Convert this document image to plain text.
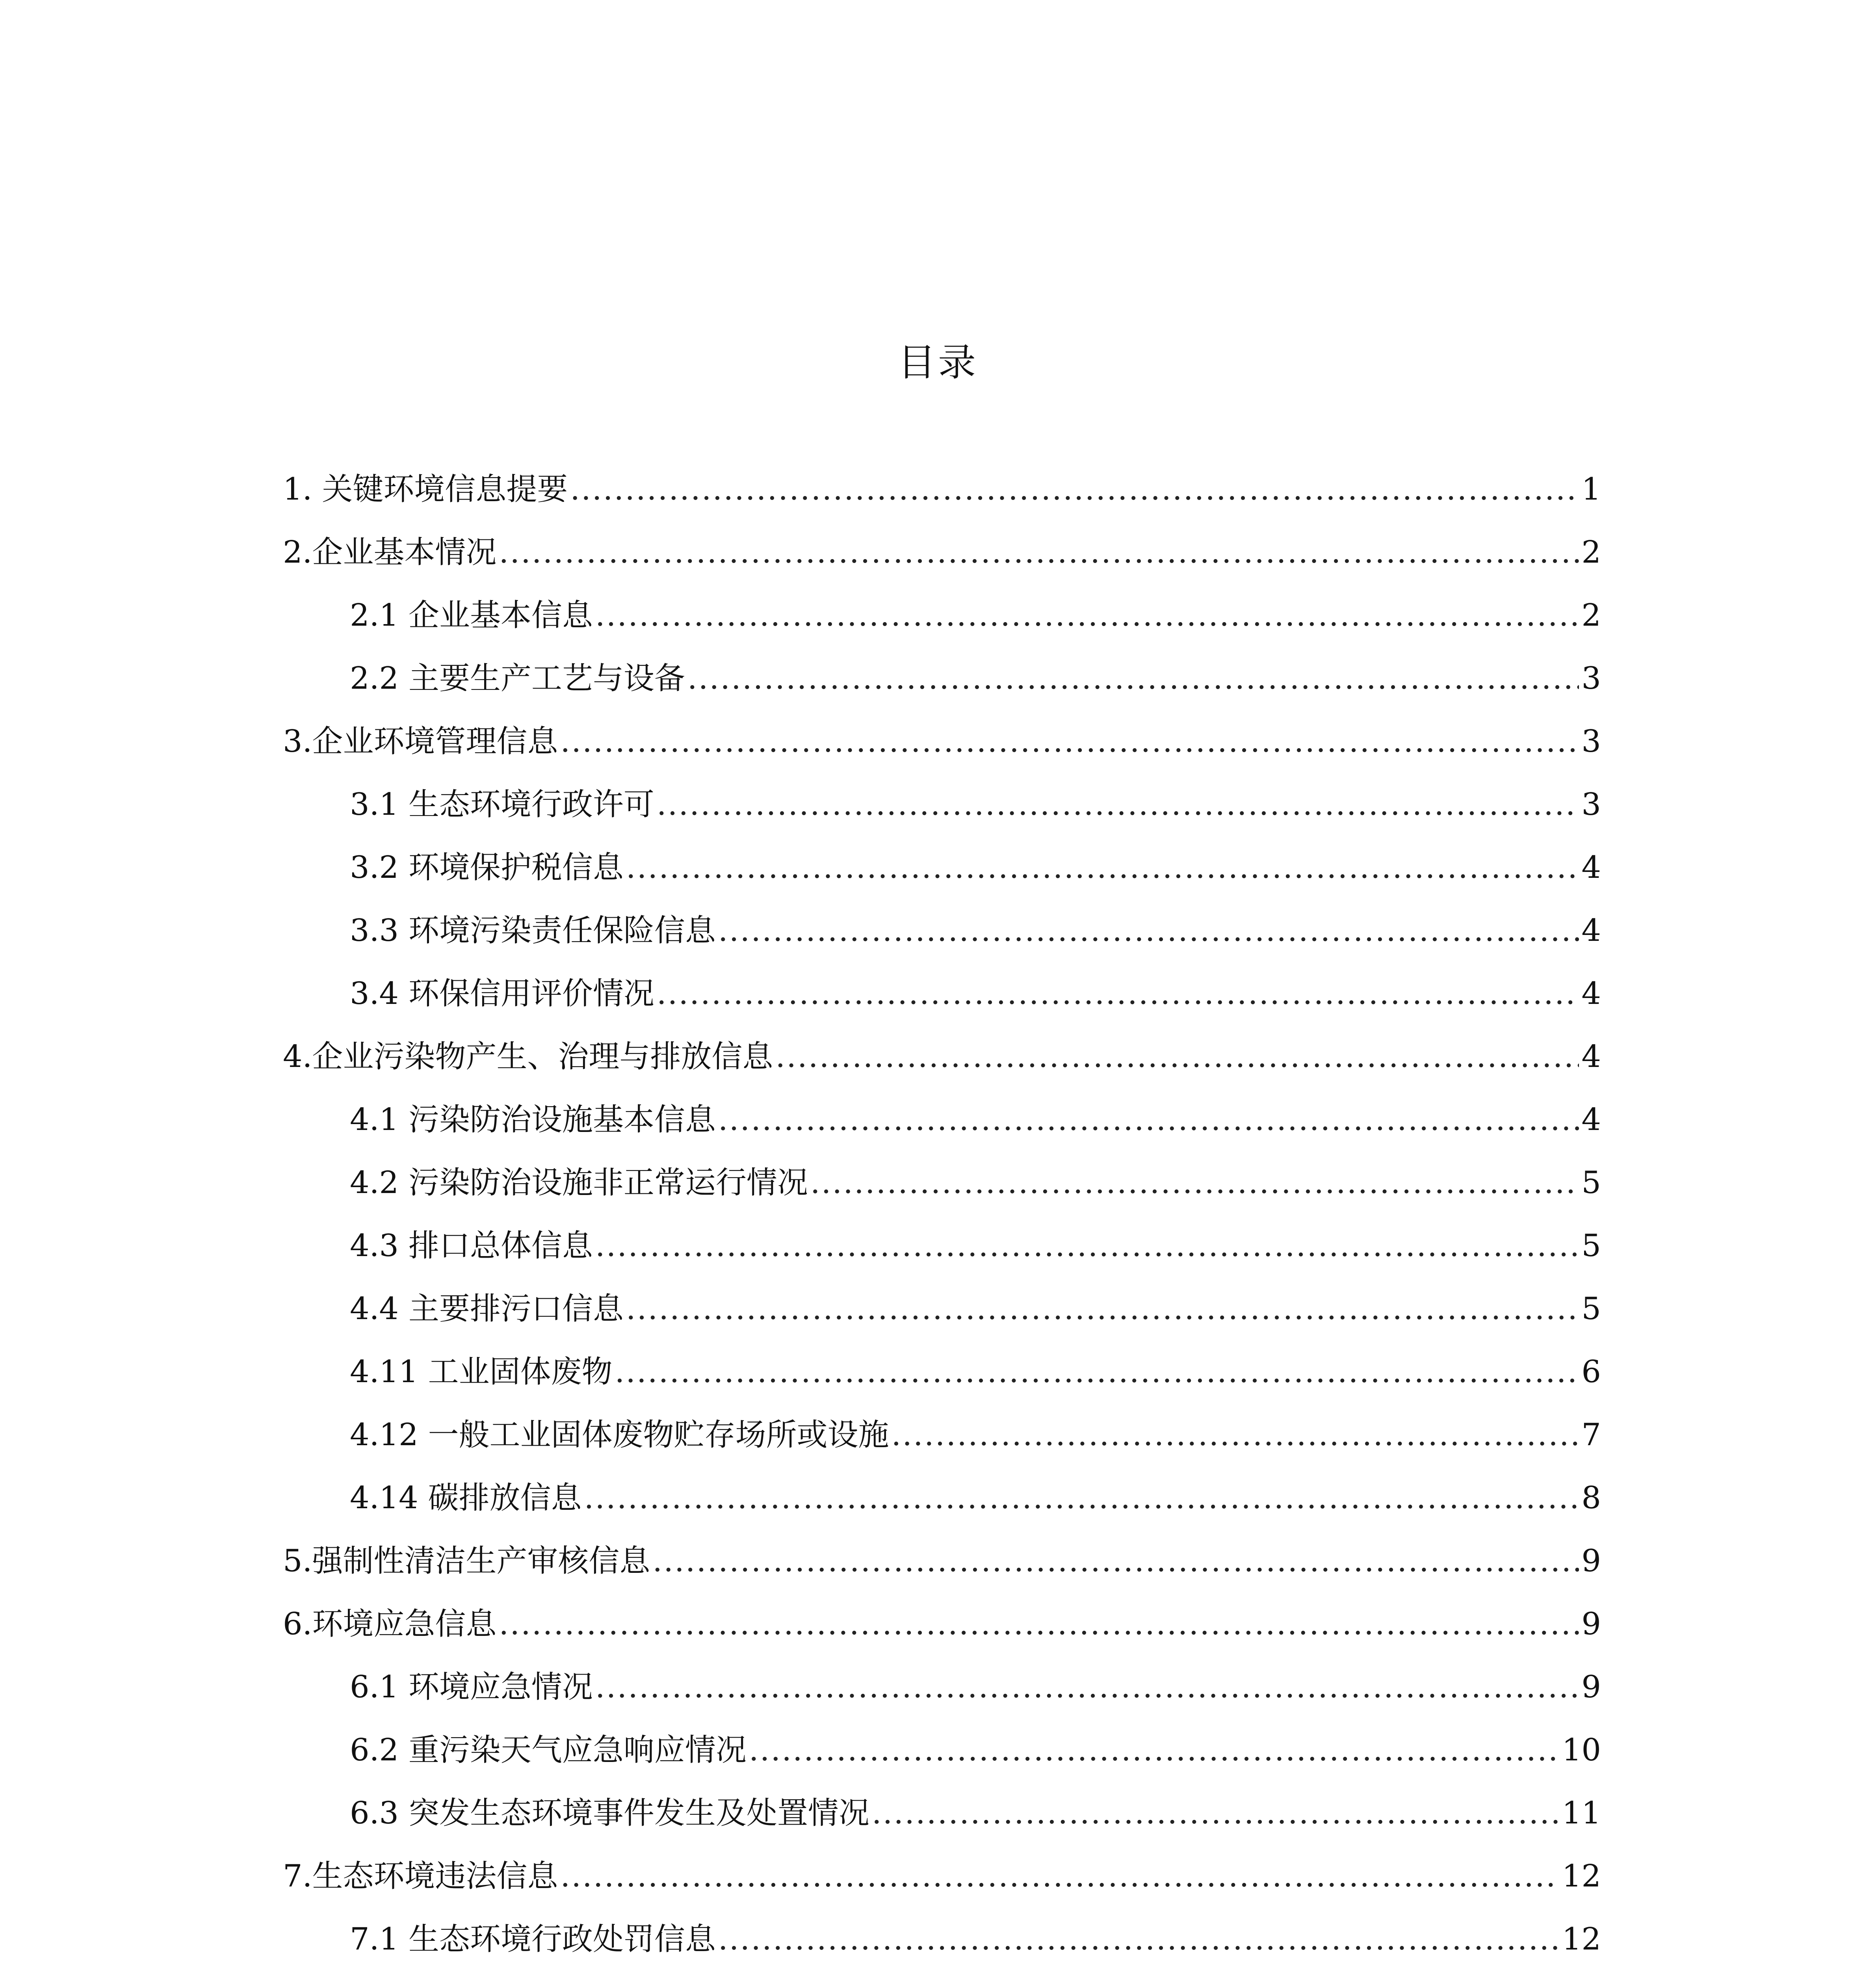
目录
1. 关键环境信息提要 .....	1
2.企业基本情况 .....	2
2.1 企业基本信息 .....	2
2.2 主要生产工艺与设备 .....	3
3.企业环境管理信息 .....	3
3.1 生态环境行政许可 .....	3
3.2 环境保护税信息 .....	4
3.3 环境污染责任保险信息 .....	4
3.4 环保信用评价情况 .....	4
4.企业污染物产生、治理与排放信息 .....	4
4.1 污染防治设施基本信息 .....	4
4.2 污染防治设施非正常运行情况 .....	5
4.3 排口总体信息 .....	5
4.4 主要排污口信息 .....	5
4.11 工业固体废物 .....	6
4.12 一般工业固体废物贮存场所或设施 .....	7
4.14 碳排放信息 .....	8
5.强制性清洁生产审核信息 .....	9
6.环境应急信息 .....	9
6.1 环境应急情况 .....	9
6.2 重污染天气应急响应情况 .....	10
6.3 突发生态环境事件发生及处置情况 .....	11
7.生态环境违法信息 .....	12
7.1 生态环境行政处罚信息 .....	12
